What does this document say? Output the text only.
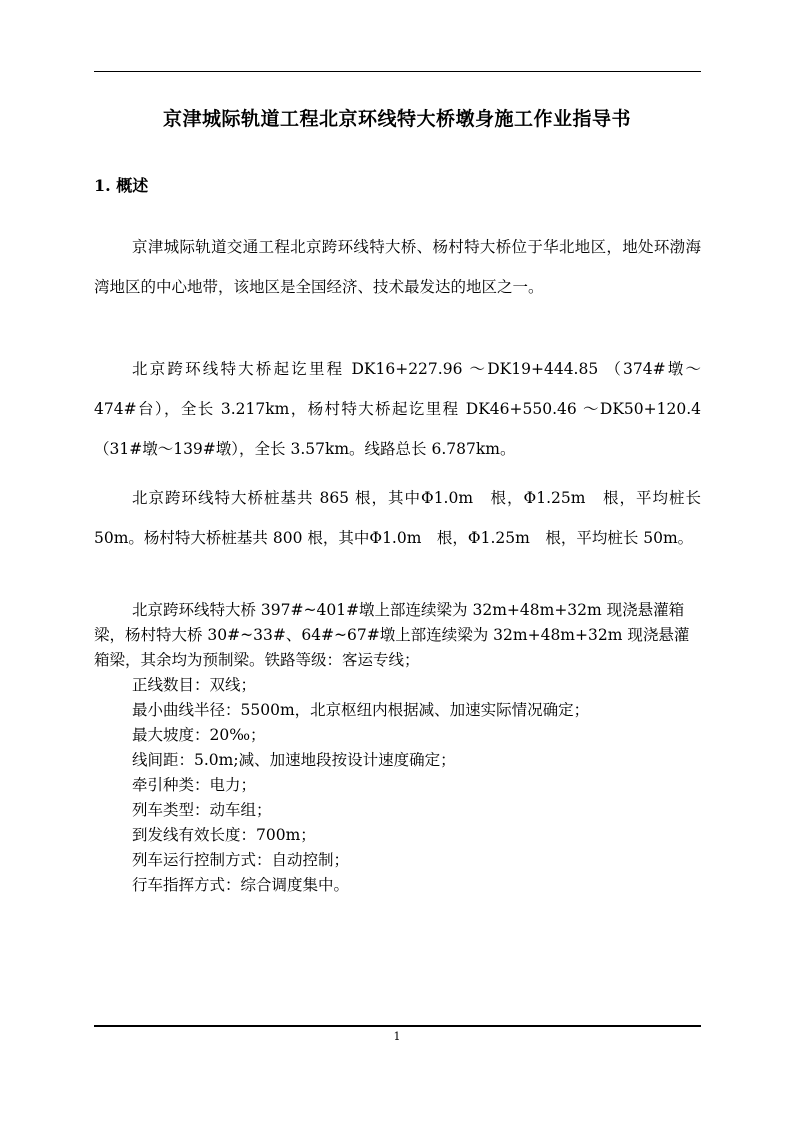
京津城际轨道工程北京环线特大桥墩身施工作业指导书
1. 概述

京津城际轨道交通工程北京跨环线特大桥、杨村特大桥位于华北地区，地处环渤海湾地区的中心地带，该地区是全国经济、技术最发达的地区之一。

北京跨环线特大桥起讫里程 DK16+227.96 ～DK19+444.85 （374#墩～474#台），全长 3.217km，杨村特大桥起讫里程 DK46+550.46 ～DK50+120.4（31#墩～139#墩），全长 3.57km。线路总长 6.787km。

北京跨环线特大桥桩基共 865 根，其中Φ1.0m　根，Φ1.25m　根，平均桩长 50m。杨村特大桥桩基共 800 根，其中Φ1.0m　根，Φ1.25m　根，平均桩长 50m。

北京跨环线特大桥 397#~401#墩上部连续梁为 32m+48m+32m 现浇悬灌箱梁，杨村特大桥 30#~33#、64#~67#墩上部连续梁为 32m+48m+32m 现浇悬灌箱梁，其余均为预制梁。铁路等级：客运专线；

正线数目：双线；
最小曲线半径：5500m，北京枢纽内根据减、加速实际情况确定；
最大坡度：20‰；
线间距：5.0m;减、加速地段按设计速度确定；
牵引种类：电力；
列车类型：动车组；
到发线有效长度：700m；
列车运行控制方式：自动控制；
行车指挥方式：综合调度集中。
1
